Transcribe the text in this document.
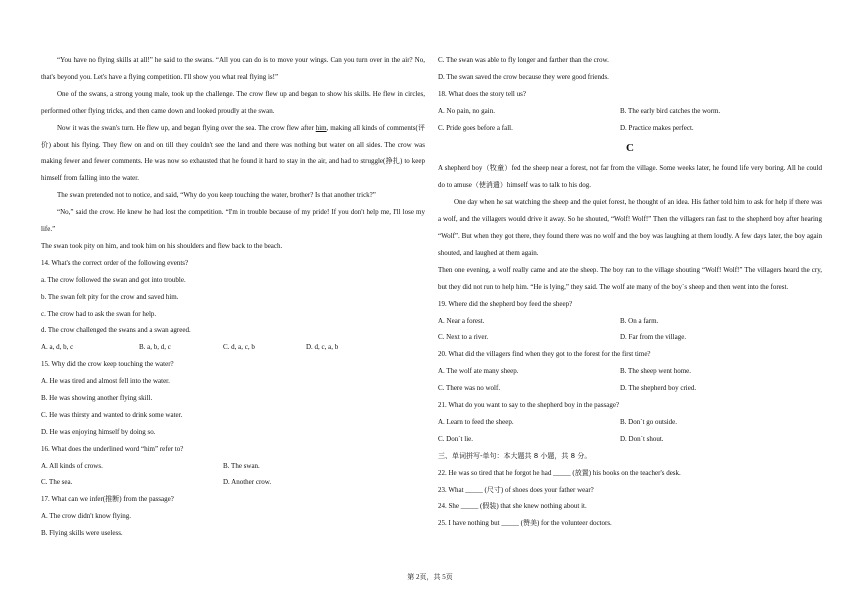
“You have no flying skills at all!” he said to the swans. “All you can do is to move your wings. Can you turn over in the air? No, that's beyond you. Let's have a flying competition. I'll show you what real flying is!”

One of the swans, a strong young male, took up the challenge. The crow flew up and began to show his skills. He flew in circles, performed other flying tricks, and then came down and looked proudly at the swan.

Now it was the swan's turn. He flew up, and began flying over the sea. The crow flew after him, making all kinds of comments(评价) about his flying. They flew on and on till they couldn't see the land and there was nothing but water on all sides. The crow was making fewer and fewer comments. He was now so exhausted that he found it hard to stay in the air, and had to struggle(挣扎) to keep himself from falling into the water.

The swan pretended not to notice, and said, “Why do you keep touching the water, brother? Is that another trick?”

“No,” said the crow. He knew he had lost the competition. “I'm in trouble because of my pride! If you don't help me, I'll lose my life.”

The swan took pity on him, and took him on his shoulders and flew back to the beach.

14. What's the correct order of the following events?
a. The crow followed the swan and got into trouble.
b. The swan felt pity for the crow and saved him.
c. The crow had to ask the swan for help.
d. The crow challenged the swans and a swan agreed.
A. a, d, b, c	B. a, b, d, c	C. d, a, c, b	D. d, c, a, b
15. Why did the crow keep touching the water?
A. He was tired and almost fell into the water.
B. He was showing another flying skill.
C. He was thirsty and wanted to drink some water.
D. He was enjoying himself by doing so.
16. What does the underlined word “him” refer to?
A. All kinds of crows.	B. The swan.
C. The sea.	D. Another crow.
17. What can we infer(推断) from the passage?
A. The crow didn't know flying.
B. Flying skills were useless.
C. The swan was able to fly longer and farther than the crow.
D. The swan saved the crow because they were good friends.
18. What does the story tell us?
A. No pain, no gain.	B. The early bird catches the worm.
C. Pride goes before a fall.	D. Practice makes perfect.
C

A shepherd boy（牧童）fed the sheep near a forest, not far from the village. Some weeks later, he found life very boring. All he could do to amuse（使消遣）himself was to talk to his dog.

One day when he sat watching the sheep and the quiet forest, he thought of an idea. His father told him to ask for help if there was a wolf, and the villagers would drive it away. So he shouted, “Wolf! Wolf!” Then the villagers ran fast to the shepherd boy after hearing “Wolf”. But when they got there, they found there was no wolf and the boy was laughing at them loudly. A few days later, the boy again shouted, and laughed at them again.

Then one evening, a wolf really came and ate the sheep. The boy ran to the village shouting “Wolf! Wolf!” The villagers heard the cry, but they did not run to help him. “He is lying,” they said. The wolf ate many of the boy`s sheep and then went into the forest.

19. Where did the shepherd boy feed the sheep?
A. Near a forest.	B. On a farm.
C. Next to a river.	D. Far from the village.
20. What did the villagers find when they got to the forest for the first time?
A. The wolf ate many sheep.	B. The sheep went home.
C. There was no wolf.	D. The shepherd boy cried.
21. What do you want to say to the shepherd boy in the passage?
A. Learn to feed the sheep.	B. Don`t go outside.
C. Don`t lie.	D. Don`t shout.
三、单词拼写-单句：本大题共 8 小题，共 8 分。
22. He was so tired that he forgot he had _____ (放置) his books on the teacher's desk.
23. What _____ (尺寸) of shoes does your father wear?
24. She _____ (假装) that she knew nothing about it.
25. I have nothing but _____ (赞美) for the volunteer doctors.
第 2页，共 5页
